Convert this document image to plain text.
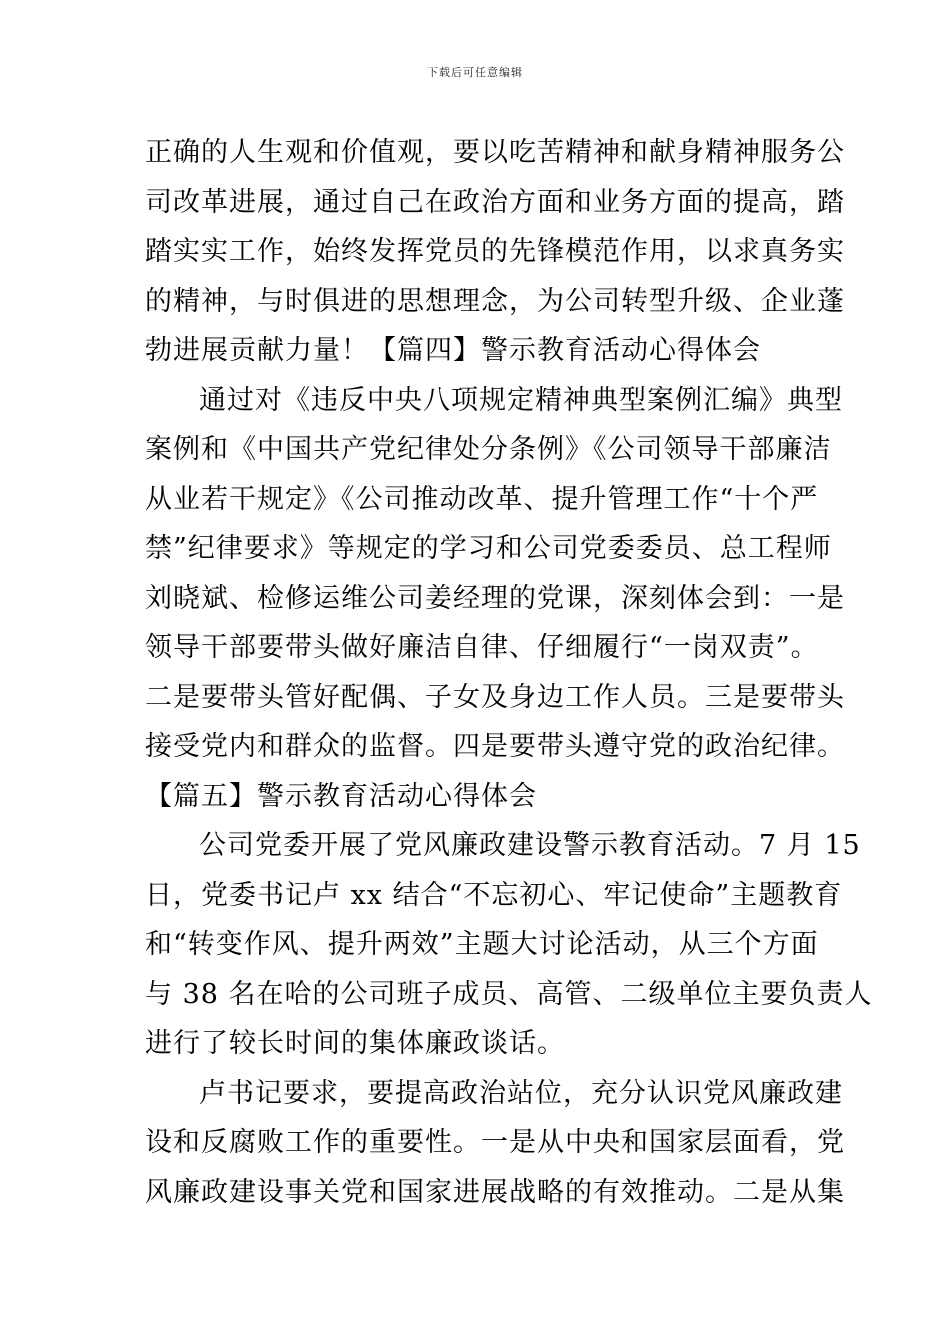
下载后可任意编辑
正确的人生观和价值观，要以吃苦精神和献身精神服务公
司改革进展，通过自己在政治方面和业务方面的提高，踏
踏实实工作，始终发挥党员的先锋模范作用，以求真务实
的精神，与时俱进的思想理念，为公司转型升级、企业蓬
勃进展贡献力量！【篇四】警示教育活动心得体会
通过对《违反中央八项规定精神典型案例汇编》典型
案例和《中国共产党纪律处分条例》《公司领导干部廉洁
从业若干规定》《公司推动改革、提升管理工作“十个严
禁”纪律要求》等规定的学习和公司党委委员、总工程师
刘晓斌、检修运维公司姜经理的党课，深刻体会到：一是
领导干部要带头做好廉洁自律、仔细履行“一岗双责”。
二是要带头管好配偶、子女及身边工作人员。三是要带头
接受党内和群众的监督。四是要带头遵守党的政治纪律。
【篇五】警示教育活动心得体会
公司党委开展了党风廉政建设警示教育活动。7 月 15
日，党委书记卢 xx 结合“不忘初心、牢记使命”主题教育
和“转变作风、提升两效”主题大讨论活动，从三个方面
与 38 名在哈的公司班子成员、高管、二级单位主要负责人
进行了较长时间的集体廉政谈话。
卢书记要求，要提高政治站位，充分认识党风廉政建
设和反腐败工作的重要性。一是从中央和国家层面看，党
风廉政建设事关党和国家进展战略的有效推动。二是从集
